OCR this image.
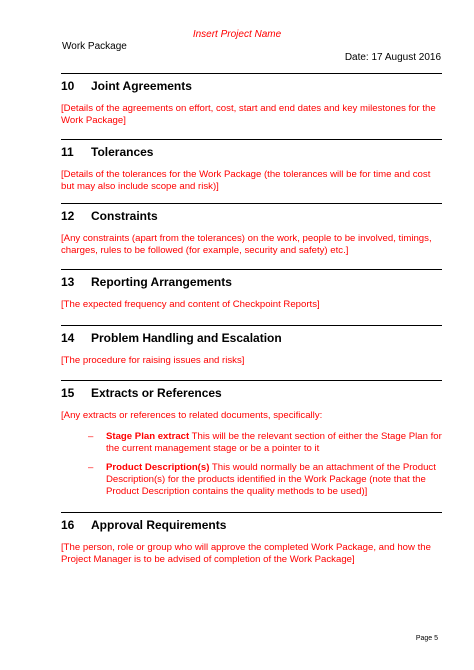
Insert Project Name
Work Package
Date: 17 August 2016
10	Joint Agreements
[Details of the agreements on effort, cost, start and end dates and key milestones for the Work Package]
11	Tolerances
[Details of the tolerances for the Work Package (the tolerances will be for time and cost but may also include scope and risk)]
12	Constraints
[Any constraints (apart from the tolerances) on the work, people to be involved, timings, charges, rules to be followed (for example, security and safety) etc.]
13	Reporting Arrangements
[The expected frequency and content of Checkpoint Reports]
14	Problem Handling and Escalation
[The procedure for raising issues and risks]
15	Extracts or References
[Any extracts or references to related documents, specifically:
– Stage Plan extract This will be the relevant section of either the Stage Plan for the current management stage or be a pointer to it
– Product Description(s) This would normally be an attachment of the Product Description(s) for the products identified in the Work Package (note that the Product Description contains the quality methods to be used)]
16	Approval Requirements
[The person, role or group who will approve the completed Work Package, and how the Project Manager is to be advised of completion of the Work Package]
Page 5
